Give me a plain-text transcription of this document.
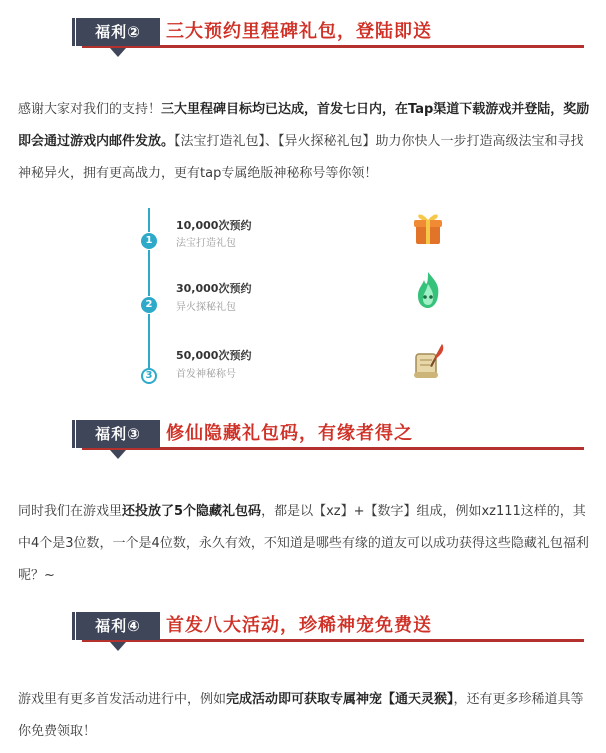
福利②	三大预约里程碑礼包，登陆即送
感谢大家对我们的支持！三大里程碑目标均已达成，首发七日内，在Tap渠道下载游戏并登陆，奖励即会通过游戏内邮件发放。【法宝打造礼包】、【异火探秘礼包】助力你快人一步打造高级法宝和寻找神秘异火，拥有更高战力，更有tap专属绝版神秘称号等你领！
1
10,000次预约
法宝打造礼包
2
30,000次预约
异火探秘礼包
3
50,000次预约
首发神秘称号
福利③	修仙隐藏礼包码，有缘者得之
同时我们在游戏里还投放了5个隐藏礼包码，都是以【xz】+【数字】组成，例如xz111这样的，其中4个是3位数，一个是4位数，永久有效，不知道是哪些有缘的道友可以成功获得这些隐藏礼包福利呢？~
福利④	首发八大活动，珍稀神宠免费送
游戏里有更多首发活动进行中，例如完成活动即可获取专属神宠【通天灵猴】，还有更多珍稀道具等你免费领取！
